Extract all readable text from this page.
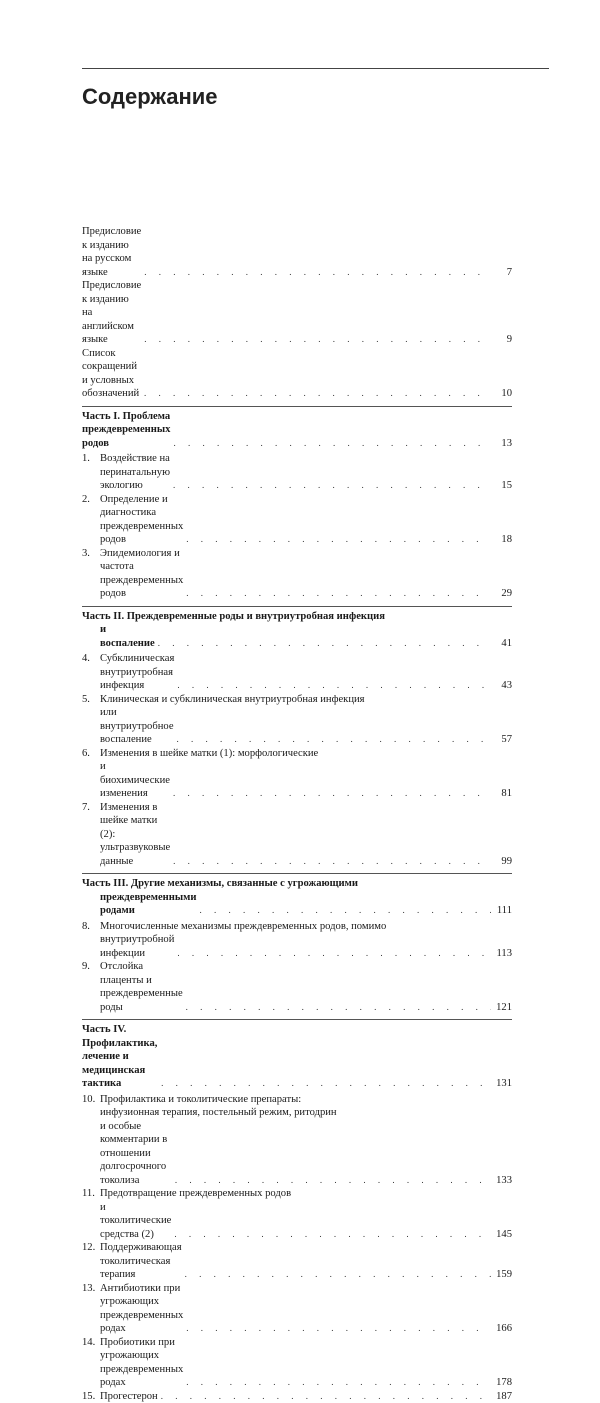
Содержание
Предисловие к изданию на русском языке . . .	7
Предисловие к изданию на английском языке . . .	9
Список сокращений и условных обозначений . . .	10
Часть I. Проблема преждевременных родов . . .	13
1. Воздействие на перинатальную экологию . . .	15
2. Определение и диагностика преждевременных родов . . .	18
3. Эпидемиология и частота преждевременных родов . . .	29
Часть II. Преждевременные роды и внутриутробная инфекция
и воспаление . . .	41
4. Субклиническая внутриутробная инфекция . . .	43
5. Клиническая и субклиническая внутриутробная инфекция
или внутриутробное воспаление . . .	57
6. Изменения в шейке матки (1): морфологические
и биохимические изменения . . .	81
7. Изменения в шейке матки (2): ультразвуковые данные . . .	99
Часть III. Другие механизмы, связанные с угрожающими
преждевременными родами . . .	111
8. Многочисленные механизмы преждевременных родов, помимо
внутриутробной инфекции . . .	113
9. Отслойка плаценты и преждевременные роды . . .	121
Часть IV. Профилактика, лечение и медицинская тактика . . .	131
10. Профилактика и токолитические препараты:
инфузионная терапия, постельный режим, ритодрин
и особые комментарии в отношении долгосрочного токолиза . . .	133
11. Предотвращение преждевременных родов
и токолитические средства (2) . . .	145
12. Поддерживающая токолитическая терапия . . .	159
13. Антибиотики при угрожающих преждевременных родах . . .	166
14. Пробиотики при угрожающих преждевременных родах . . .	178
15. Прогестерон . . .	187
